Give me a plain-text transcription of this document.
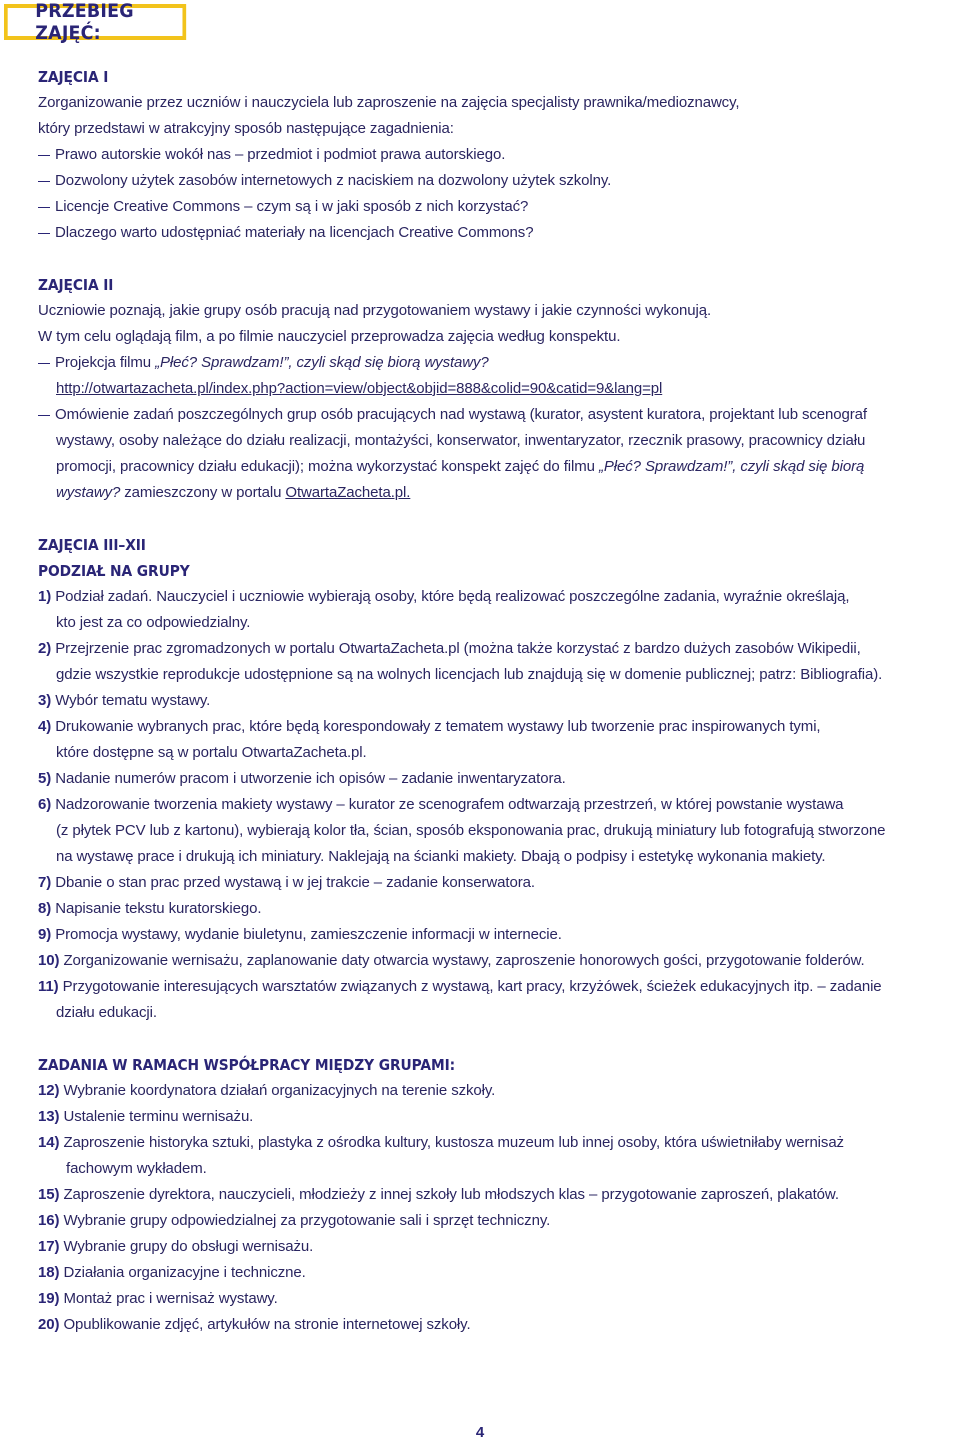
PRZEBIEG ZAJĘĆ:

ZAJĘCIA I

Zorganizowanie przez uczniów i nauczyciela lub zaproszenie na zajęcia specjalisty prawnika/medioznawcy,

który przedstawi w atrakcyjny sposób następujące zagadnienia:

Prawo autorskie wokół nas – przedmiot i podmiot prawa autorskiego.

Dozwolony użytek zasobów internetowych z naciskiem na dozwolony użytek szkolny.

Licencje Creative Commons – czym są i w jaki sposób z nich korzystać?

Dlaczego warto udostępniać materiały na licencjach Creative Commons?

ZAJĘCIA II

Uczniowie poznają, jakie grupy osób pracują nad przygotowaniem wystawy i jakie czynności wykonują.

W tym celu oglądają film, a po filmie nauczyciel przeprowadza zajęcia według konspektu.

Projekcja filmu „Płeć? Sprawdzam!”, czyli skąd się biorą wystawy?

http://otwartazacheta.pl/index.php?action=view/object&objid=888&colid=90&catid=9&lang=pl

Omówienie zadań poszczególnych grup osób pracujących nad wystawą (kurator, asystent kuratora, projektant lub scenograf

wystawy, osoby należące do działu realizacji, montażyści, konserwator, inwentaryzator, rzecznik prasowy, pracownicy działu

promocji, pracownicy działu edukacji); można wykorzystać konspekt zajęć do filmu „Płeć? Sprawdzam!”, czyli skąd się biorą

wystawy? zamieszczony w portalu OtwartaZacheta.pl.

ZAJĘCIA III–XII

PODZIAŁ NA GRUPY

1) Podział zadań. Nauczyciel i uczniowie wybierają osoby, które będą realizować poszczególne zadania, wyraźnie określają,

kto jest za co odpowiedzialny.

2) Przejrzenie prac zgromadzonych w portalu OtwartaZacheta.pl (można także korzystać z bardzo dużych zasobów Wikipedii,

gdzie wszystkie reprodukcje udostępnione są na wolnych licencjach lub znajdują się w domenie publicznej; patrz: Bibliografia).

3) Wybór tematu wystawy.

4) Drukowanie wybranych prac, które będą korespondowały z tematem wystawy lub tworzenie prac inspirowanych tymi,

które dostępne są w portalu OtwartaZacheta.pl.

5) Nadanie numerów pracom i utworzenie ich opisów – zadanie inwentaryzatora.

6) Nadzorowanie tworzenia makiety wystawy – kurator ze scenografem odtwarzają przestrzeń, w której powstanie wystawa

(z płytek PCV lub z kartonu), wybierają kolor tła, ścian, sposób eksponowania prac, drukują miniatury lub fotografują stworzone

na wystawę prace i drukują ich miniatury. Naklejają na ścianki makiety. Dbają o podpisy i estetykę wykonania makiety.

7) Dbanie o stan prac przed wystawą i w jej trakcie – zadanie konserwatora.

8) Napisanie tekstu kuratorskiego.

9) Promocja wystawy, wydanie biuletynu, zamieszczenie informacji w internecie.

10) Zorganizowanie wernisażu, zaplanowanie daty otwarcia wystawy, zaproszenie honorowych gości, przygotowanie folderów.

11) Przygotowanie interesujących warsztatów związanych z wystawą, kart pracy, krzyżówek, ścieżek edukacyjnych itp. – zadanie

działu edukacji.

ZADANIA W RAMACH WSPÓŁPRACY MIĘDZY GRUPAMI:

12) Wybranie koordynatora działań organizacyjnych na terenie szkoły.

13) Ustalenie terminu wernisażu.

14) Zaproszenie historyka sztuki, plastyka z ośrodka kultury, kustosza muzeum lub innej osoby, która uświetniłaby wernisaż

fachowym wykładem.

15) Zaproszenie dyrektora, nauczycieli, młodzieży z innej szkoły lub młodszych klas – przygotowanie zaproszeń, plakatów.

16) Wybranie grupy odpowiedzialnej za przygotowanie sali i sprzęt techniczny.

17) Wybranie grupy do obsługi wernisażu.

18) Działania organizacyjne i techniczne.

19) Montaż prac i wernisaż wystawy.

20) Opublikowanie zdjęć, artykułów na stronie internetowej szkoły.

4
